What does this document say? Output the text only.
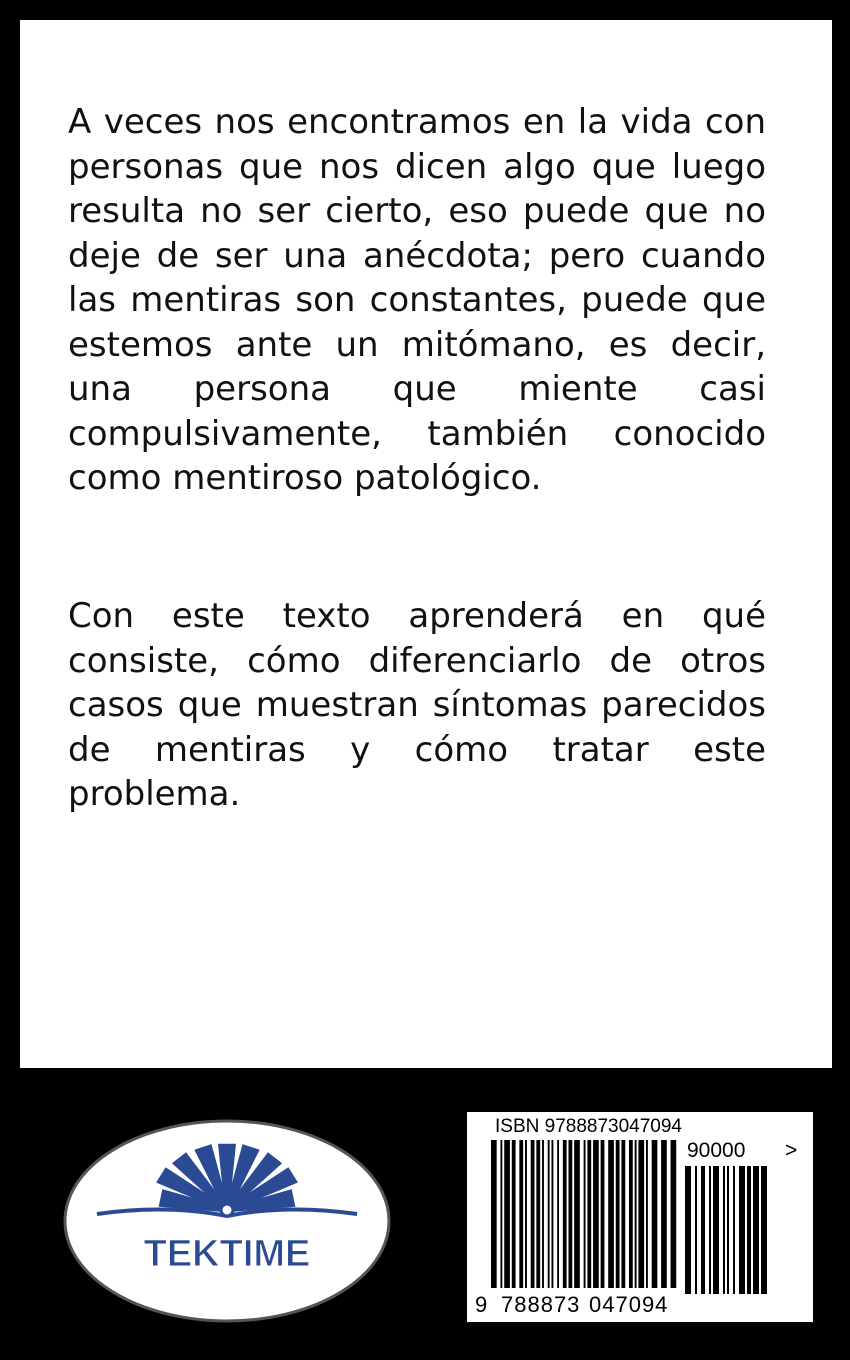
A veces nos encontramos en la vida con personas que nos dicen algo que luego resulta no ser cierto, eso puede que no deje de ser una anécdota; pero cuando las mentiras son constantes, puede que estemos ante un mitómano, es decir, una persona que miente casi compulsivamente, también conocido como mentiroso patológico.

Con este texto aprenderá en qué consiste, cómo diferenciarlo de otros casos que muestran síntomas parecidos de mentiras y cómo tratar este problema.

TEKTIME
ISBN 9788873047094
90000 >
9 788873 047094
